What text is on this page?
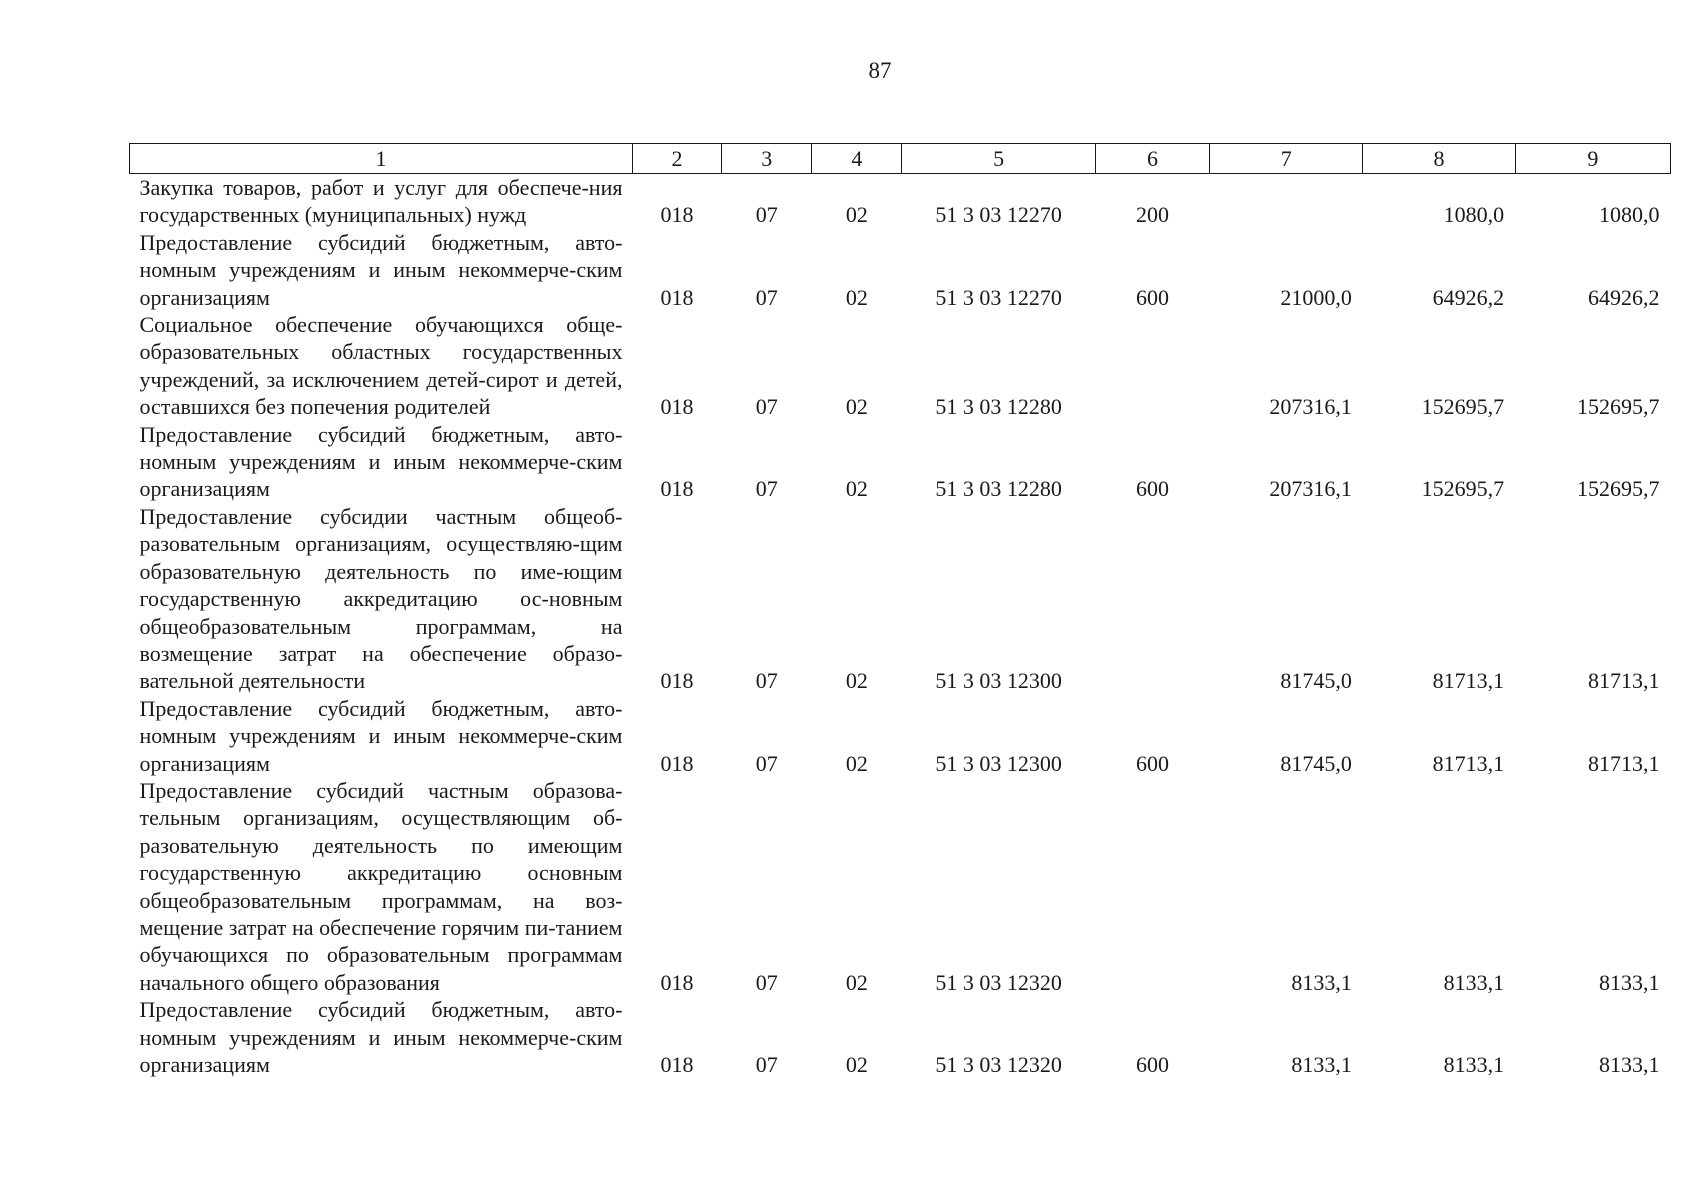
87
1	2	3	4	5	6	7	8	9
Закупка товаров, работ и услуг для обеспече-ния государственных (муниципальных) нужд	018	07	02	51 3 03 12270	200		1080,0	1080,0
Предоставление субсидий бюджетным, авто-номным учреждениям и иным некоммерче-ским организациям	018	07	02	51 3 03 12270	600	21000,0	64926,2	64926,2
Социальное обеспечение обучающихся обще-образовательных областных государственных учреждений, за исключением детей-сирот и детей, оставшихся без попечения родителей	018	07	02	51 3 03 12280		207316,1	152695,7	152695,7
Предоставление субсидий бюджетным, авто-номным учреждениям и иным некоммерче-ским организациям	018	07	02	51 3 03 12280	600	207316,1	152695,7	152695,7
Предоставление субсидии частным общеоб-разовательным организациям, осуществляю-щим образовательную деятельность по име-ющим государственную аккредитацию ос-новным общеобразовательным программам, на возмещение затрат на обеспечение образо-вательной деятельности	018	07	02	51 3 03 12300		81745,0	81713,1	81713,1
Предоставление субсидий бюджетным, авто-номным учреждениям и иным некоммерче-ским организациям	018	07	02	51 3 03 12300	600	81745,0	81713,1	81713,1
Предоставление субсидий частным образова-тельным организациям, осуществляющим об-разовательную деятельность по имеющим государственную аккредитацию основным общеобразовательным программам, на воз-мещение затрат на обеспечение горячим пи-танием обучающихся по образовательным программам начального общего образования	018	07	02	51 3 03 12320		8133,1	8133,1	8133,1
Предоставление субсидий бюджетным, авто-номным учреждениям и иным некоммерче-ским организациям	018	07	02	51 3 03 12320	600	8133,1	8133,1	8133,1
